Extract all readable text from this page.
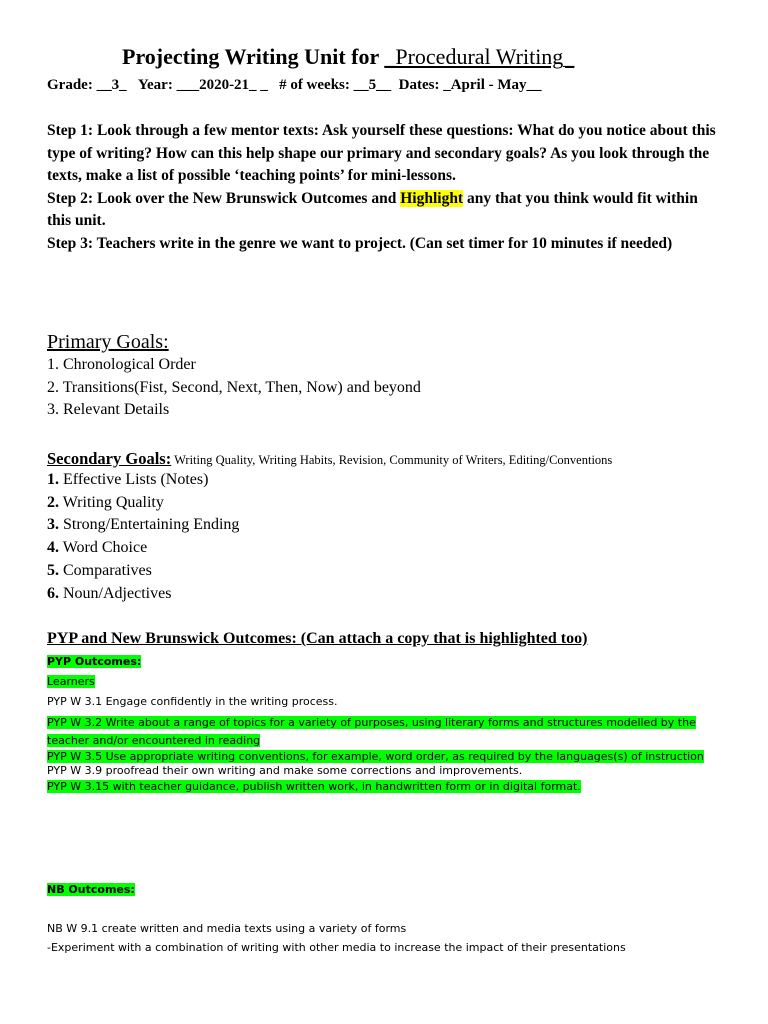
Projecting Writing Unit for _Procedural Writing_
Grade: __3_ Year: ___2020-21_ _ # of weeks: __5__ Dates: _April - May__

Step 1: Look through a few mentor texts: Ask yourself these questions: What do you notice about this type of writing? How can this help shape our primary and secondary goals? As you look through the texts, make a list of possible ‘teaching points’ for mini-lessons.

Step 2: Look over the New Brunswick Outcomes and Highlight any that you think would fit within this unit.

Step 3: Teachers write in the genre we want to project. (Can set timer for 10 minutes if needed)

Primary Goals:

1. Chronological Order
2. Transitions(Fist, Second, Next, Then, Now) and beyond
3. Relevant Details
Secondary Goals: Writing Quality, Writing Habits, Revision, Community of Writers, Editing/Conventions
1. Effective Lists (Notes)
2. Writing Quality
3. Strong/Entertaining Ending
4. Word Choice
5. Comparatives
6. Noun/Adjectives
PYP and New Brunswick Outcomes: (Can attach a copy that is highlighted too)
PYP Outcomes:
Learners
PYP W 3.1 Engage confidently in the writing process.
PYP W 3.2 Write about a range of topics for a variety of purposes, using literary forms and structures modelled by the teacher and/or encountered in reading
PYP W 3.5 Use appropriate writing conventions, for example, word order, as required by the languages(s) of instruction
PYP W 3.9 proofread their own writing and make some corrections and improvements.
PYP W 3.15 with teacher guidance, publish written work, in handwritten form or in digital format.
NB Outcomes:
NB W 9.1 create written and media texts using a variety of forms
-Experiment with a combination of writing with other media to increase the impact of their presentations
